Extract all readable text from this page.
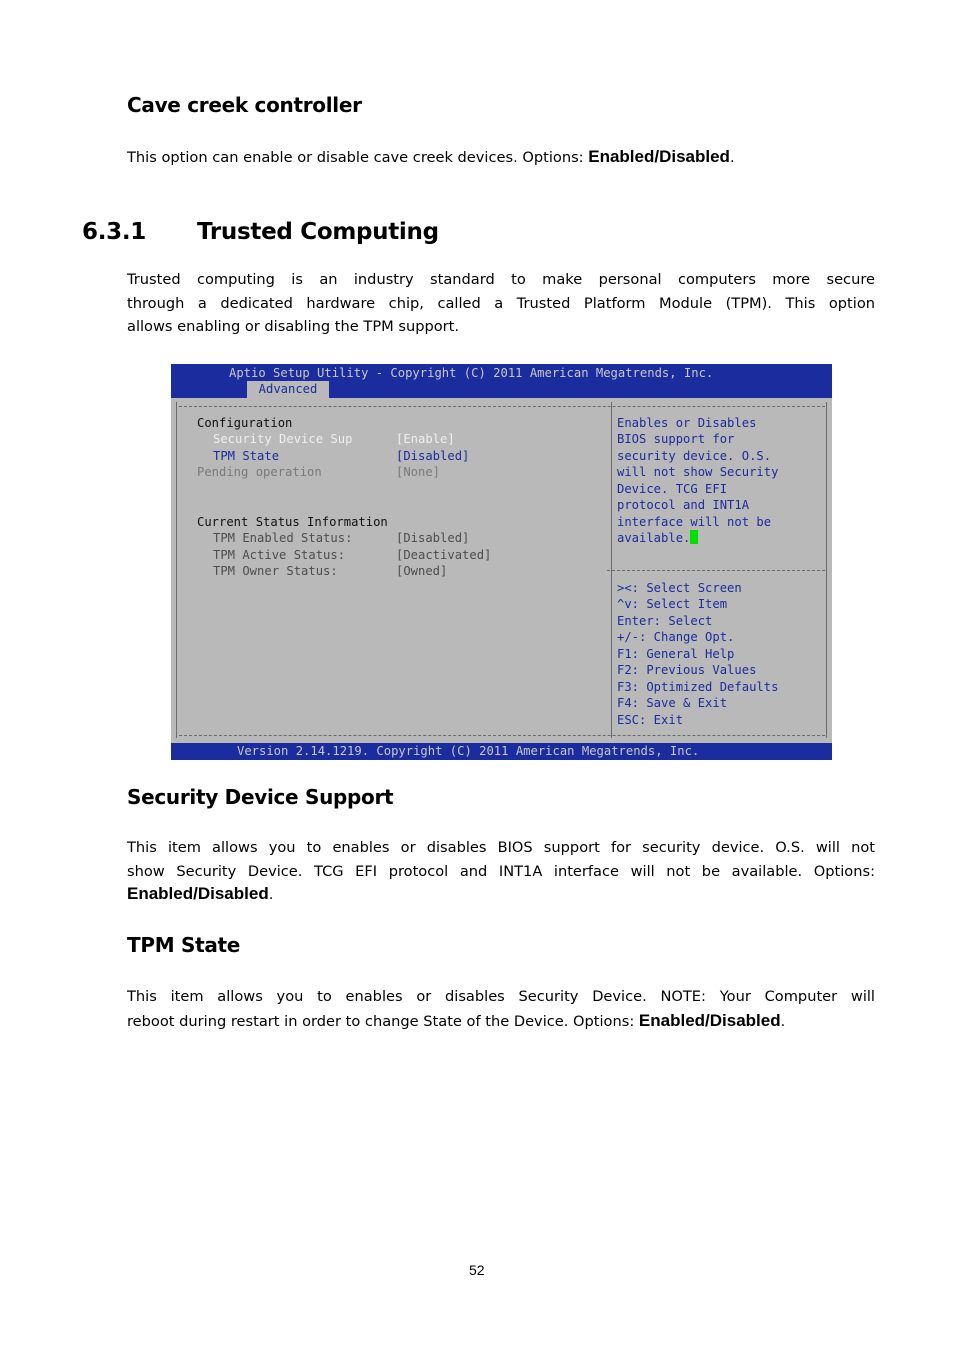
Cave creek controller
This option can enable or disable cave creek devices. Options: Enabled/Disabled.
6.3.1 Trusted Computing
Trusted computing is an industry standard to make personal computers more secure
through a dedicated hardware chip, called a Trusted Platform Module (TPM). This option
allows enabling or disabling the TPM support.
Aptio Setup Utility - Copyright (C) 2011 American Megatrends, Inc.
Advanced
Configuration
Security Device Sup	[Enable]
TPM State	[Disabled]
Pending operation	[None]
Current Status Information
TPM Enabled Status:	[Disabled]
TPM Active Status:	[Deactivated]
TPM Owner Status:	[Owned]
Enables or Disables
BIOS support for
security device. O.S.
will not show Security
Device. TCG EFI
protocol and INT1A
interface will not be
available.
><: Select Screen
^v: Select Item
Enter: Select
+/-: Change Opt.
F1: General Help
F2: Previous Values
F3: Optimized Defaults
F4: Save & Exit
ESC: Exit
Version 2.14.1219. Copyright (C) 2011 American Megatrends, Inc.
Security Device Support
This item allows you to enables or disables BIOS support for security device. O.S. will not
show Security Device. TCG EFI protocol and INT1A interface will not be available. Options:
Enabled/Disabled.
TPM State
This item allows you to enables or disables Security Device. NOTE: Your Computer will
reboot during restart in order to change State of the Device. Options: Enabled/Disabled.
52
